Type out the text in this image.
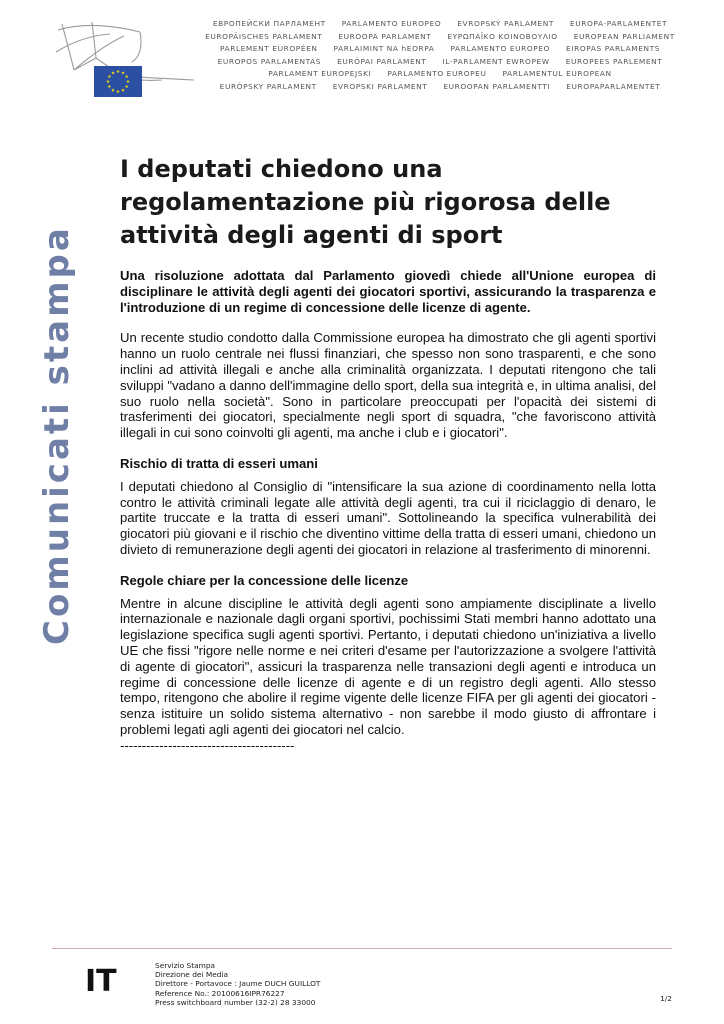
ЕВРОПЕЙСКИ ПАРЛАМЕНТ PARLAMENTO EUROPEO EVROPSKÝ PARLAMENT EUROPA-PARLAMENTET
EUROPÄISCHES PARLAMENT EUROOPA PARLAMENT ΕΥΡΩΠΑΪΚΟ ΚΟΙΝΟΒΟΥΛΙΟ EUROPEAN PARLIAMENT
PARLEMENT EUROPÉEN PARLAIMINT NA hEORPA PARLAMENTO EUROPEO EIROPAS PARLAMENTS
EUROPOS PARLAMENTAS EURÓPAI PARLAMENT IL-PARLAMENT EWROPEW EUROPEES PARLEMENT
PARLAMENT EUROPEJSKI PARLAMENTO EUROPEU PARLAMENTUL EUROPEAN
EURÓPSKY PARLAMENT EVROPSKI PARLAMENT EUROOPAN PARLAMENTTI EUROPAPARLAMENTET
Comunicati stampa
I deputati chiedono una regolamentazione più rigorosa delle attività degli agenti di sport

Una risoluzione adottata dal Parlamento giovedì chiede all'Unione europea di disciplinare le attività degli agenti dei giocatori sportivi, assicurando la trasparenza e l'introduzione di un regime di concessione delle licenze di agente.

Un recente studio condotto dalla Commissione europea ha dimostrato che gli agenti sportivi hanno un ruolo centrale nei flussi finanziari, che spesso non sono trasparenti, e che sono inclini ad attività illegali e anche alla criminalità organizzata. I deputati ritengono che tali sviluppi "vadano a danno dell'immagine dello sport, della sua integrità e, in ultima analisi, del suo ruolo nella società". Sono in particolare preoccupati per l'opacità dei sistemi di trasferimenti dei giocatori, specialmente negli sport di squadra, "che favoriscono attività illegali in cui sono coinvolti gli agenti, ma anche i club e i giocatori".

Rischio di tratta di esseri umani

I deputati chiedono al Consiglio di "intensificare la sua azione di coordinamento nella lotta contro le attività criminali legate alle attività degli agenti, tra cui il riciclaggio di denaro, le partite truccate e la tratta di esseri umani". Sottolineando la specifica vulnerabilità dei giocatori più giovani e il rischio che diventino vittime della tratta di esseri umani, chiedono un divieto di remunerazione degli agenti dei giocatori in relazione al trasferimento di minorenni.

Regole chiare per la concessione delle licenze

Mentre in alcune discipline le attività degli agenti sono ampiamente disciplinate a livello internazionale e nazionale dagli organi sportivi, pochissimi Stati membri hanno adottato una legislazione specifica sugli agenti sportivi. Pertanto, i deputati chiedono un'iniziativa a livello UE che fissi "rigore nelle norme e nei criteri d'esame per l'autorizzazione a svolgere l'attività di agente di giocatori", assicuri la trasparenza nelle transazioni degli agenti e introduca un regime di concessione delle licenze di agente e di un registro degli agenti. Allo stesso tempo, ritengono che abolire il regime vigente delle licenze FIFA per gli agenti dei giocatori - senza istituire un solido sistema alternativo - non sarebbe il modo giusto di affrontare i problemi legati agli agenti dei giocatori nel calcio.

----------------------------------------

IT	Servizio Stampa
Direzione dei Media
Direttore - Portavoce : Jaume DUCH GUILLOT
Reference No.: 20100616IPR76227
Press switchboard number (32-2) 28 33000	1/2
